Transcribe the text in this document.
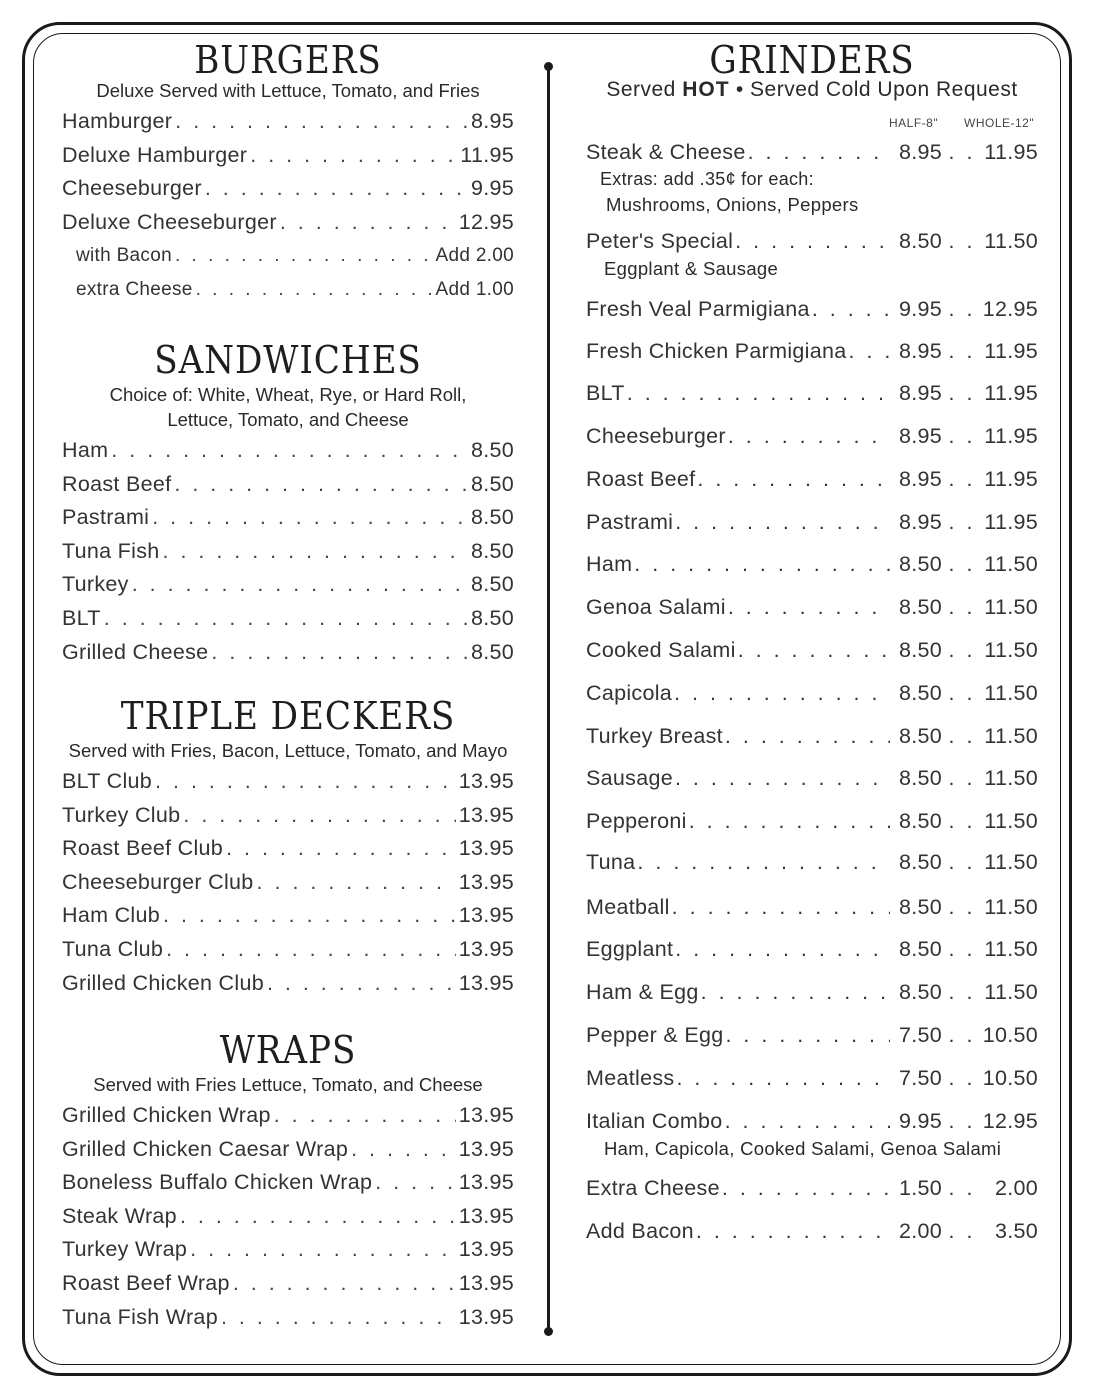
BURGERS
Deluxe Served with Lettuce, Tomato, and Fries
Hamburger . . .	8.95
Deluxe Hamburger . . .	11.95
Cheeseburger . . .	9.95
Deluxe Cheeseburger . . .	12.95
with Bacon . . .	Add 2.00
extra Cheese . . .	Add 1.00
SANDWICHES
Choice of: White, Wheat, Rye, or Hard Roll,
Lettuce, Tomato, and Cheese
Ham . . .	8.50
Roast Beef . . .	8.50
Pastrami . . .	8.50
Tuna Fish . . .	8.50
Turkey . . .	8.50
BLT . . .	8.50
Grilled Cheese . . .	8.50
TRIPLE DECKERS
Served with Fries, Bacon, Lettuce, Tomato, and Mayo
BLT Club . . .	13.95
Turkey Club . . .	13.95
Roast Beef Club . . .	13.95
Cheeseburger Club . . .	13.95
Ham Club . . .	13.95
Tuna Club . . .	13.95
Grilled Chicken Club . . .	13.95
WRAPS
Served with Fries Lettuce, Tomato, and Cheese
Grilled Chicken Wrap . . .	13.95
Grilled Chicken Caesar Wrap . . .	13.95
Boneless Buffalo Chicken Wrap . . .	13.95
Steak Wrap . . .	13.95
Turkey Wrap . . .	13.95
Roast Beef Wrap . . .	13.95
Tuna Fish Wrap . . .	13.95
GRINDERS
Served HOT • Served Cold Upon Request
HALF-8" WHOLE-12"
Steak & Cheese . . .	8.95 . . 11.95
Extras: add .35¢ for each:
Mushrooms, Onions, Peppers
Peter's Special . . .	8.50 . . 11.50
Eggplant & Sausage
Fresh Veal Parmigiana . . .	9.95 . . 12.95
Fresh Chicken Parmigiana . . .	8.95 . . 11.95
BLT . . .	8.95 . . 11.95
Cheeseburger . . .	8.95 . . 11.95
Roast Beef . . .	8.95 . . 11.95
Pastrami . . .	8.95 . . 11.95
Ham . . .	8.50 . . 11.50
Genoa Salami . . .	8.50 . . 11.50
Cooked Salami . . .	8.50 . . 11.50
Capicola . . .	8.50 . . 11.50
Turkey Breast . . .	8.50 . . 11.50
Sausage . . .	8.50 . . 11.50
Pepperoni . . .	8.50 . . 11.50
Tuna . . .	8.50 . . 11.50
Meatball . . .	8.50 . . 11.50
Eggplant . . .	8.50 . . 11.50
Ham & Egg . . .	8.50 . . 11.50
Pepper & Egg . . .	7.50 . . 10.50
Meatless . . .	7.50 . . 10.50
Italian Combo . . .	9.95 . . 12.95
Ham, Capicola, Cooked Salami, Genoa Salami
Extra Cheese . . .	1.50 . . 2.00
Add Bacon . . .	2.00 . . 3.50
